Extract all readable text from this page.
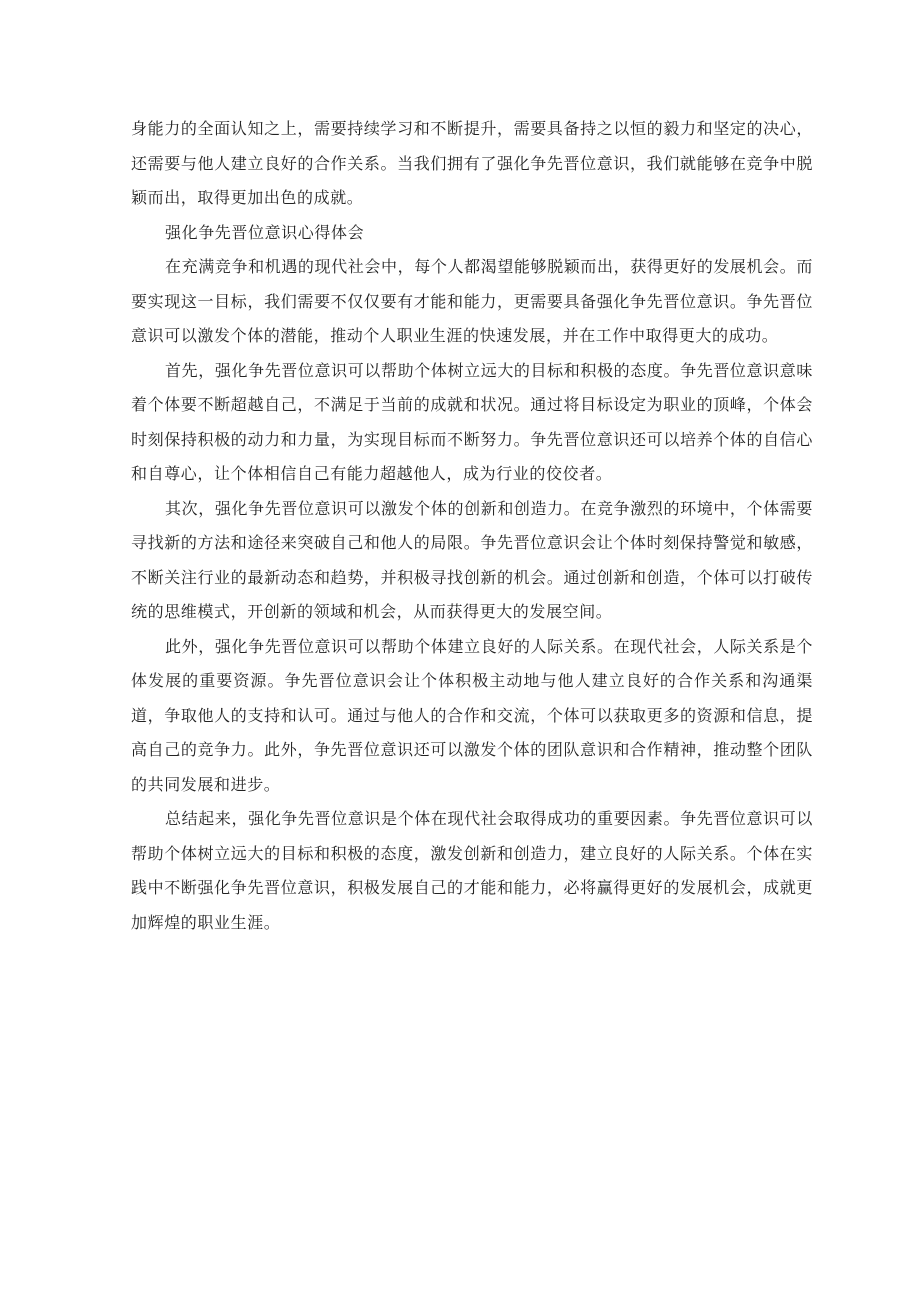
身能力的全面认知之上，需要持续学习和不断提升，需要具备持之以恒的毅力和坚定的决心，还需要与他人建立良好的合作关系。当我们拥有了强化争先晋位意识，我们就能够在竞争中脱颖而出，取得更加出色的成就。

强化争先晋位意识心得体会

在充满竞争和机遇的现代社会中，每个人都渴望能够脱颖而出，获得更好的发展机会。而要实现这一目标，我们需要不仅仅要有才能和能力，更需要具备强化争先晋位意识。争先晋位意识可以激发个体的潜能，推动个人职业生涯的快速发展，并在工作中取得更大的成功。

首先，强化争先晋位意识可以帮助个体树立远大的目标和积极的态度。争先晋位意识意味着个体要不断超越自己，不满足于当前的成就和状况。通过将目标设定为职业的顶峰，个体会时刻保持积极的动力和力量，为实现目标而不断努力。争先晋位意识还可以培养个体的自信心和自尊心，让个体相信自己有能力超越他人，成为行业的佼佼者。

其次，强化争先晋位意识可以激发个体的创新和创造力。在竞争激烈的环境中，个体需要寻找新的方法和途径来突破自己和他人的局限。争先晋位意识会让个体时刻保持警觉和敏感，不断关注行业的最新动态和趋势，并积极寻找创新的机会。通过创新和创造，个体可以打破传统的思维模式，开创新的领域和机会，从而获得更大的发展空间。

此外，强化争先晋位意识可以帮助个体建立良好的人际关系。在现代社会，人际关系是个体发展的重要资源。争先晋位意识会让个体积极主动地与他人建立良好的合作关系和沟通渠道，争取他人的支持和认可。通过与他人的合作和交流，个体可以获取更多的资源和信息，提高自己的竞争力。此外，争先晋位意识还可以激发个体的团队意识和合作精神，推动整个团队的共同发展和进步。

总结起来，强化争先晋位意识是个体在现代社会取得成功的重要因素。争先晋位意识可以帮助个体树立远大的目标和积极的态度，激发创新和创造力，建立良好的人际关系。个体在实践中不断强化争先晋位意识，积极发展自己的才能和能力，必将赢得更好的发展机会，成就更加辉煌的职业生涯。
